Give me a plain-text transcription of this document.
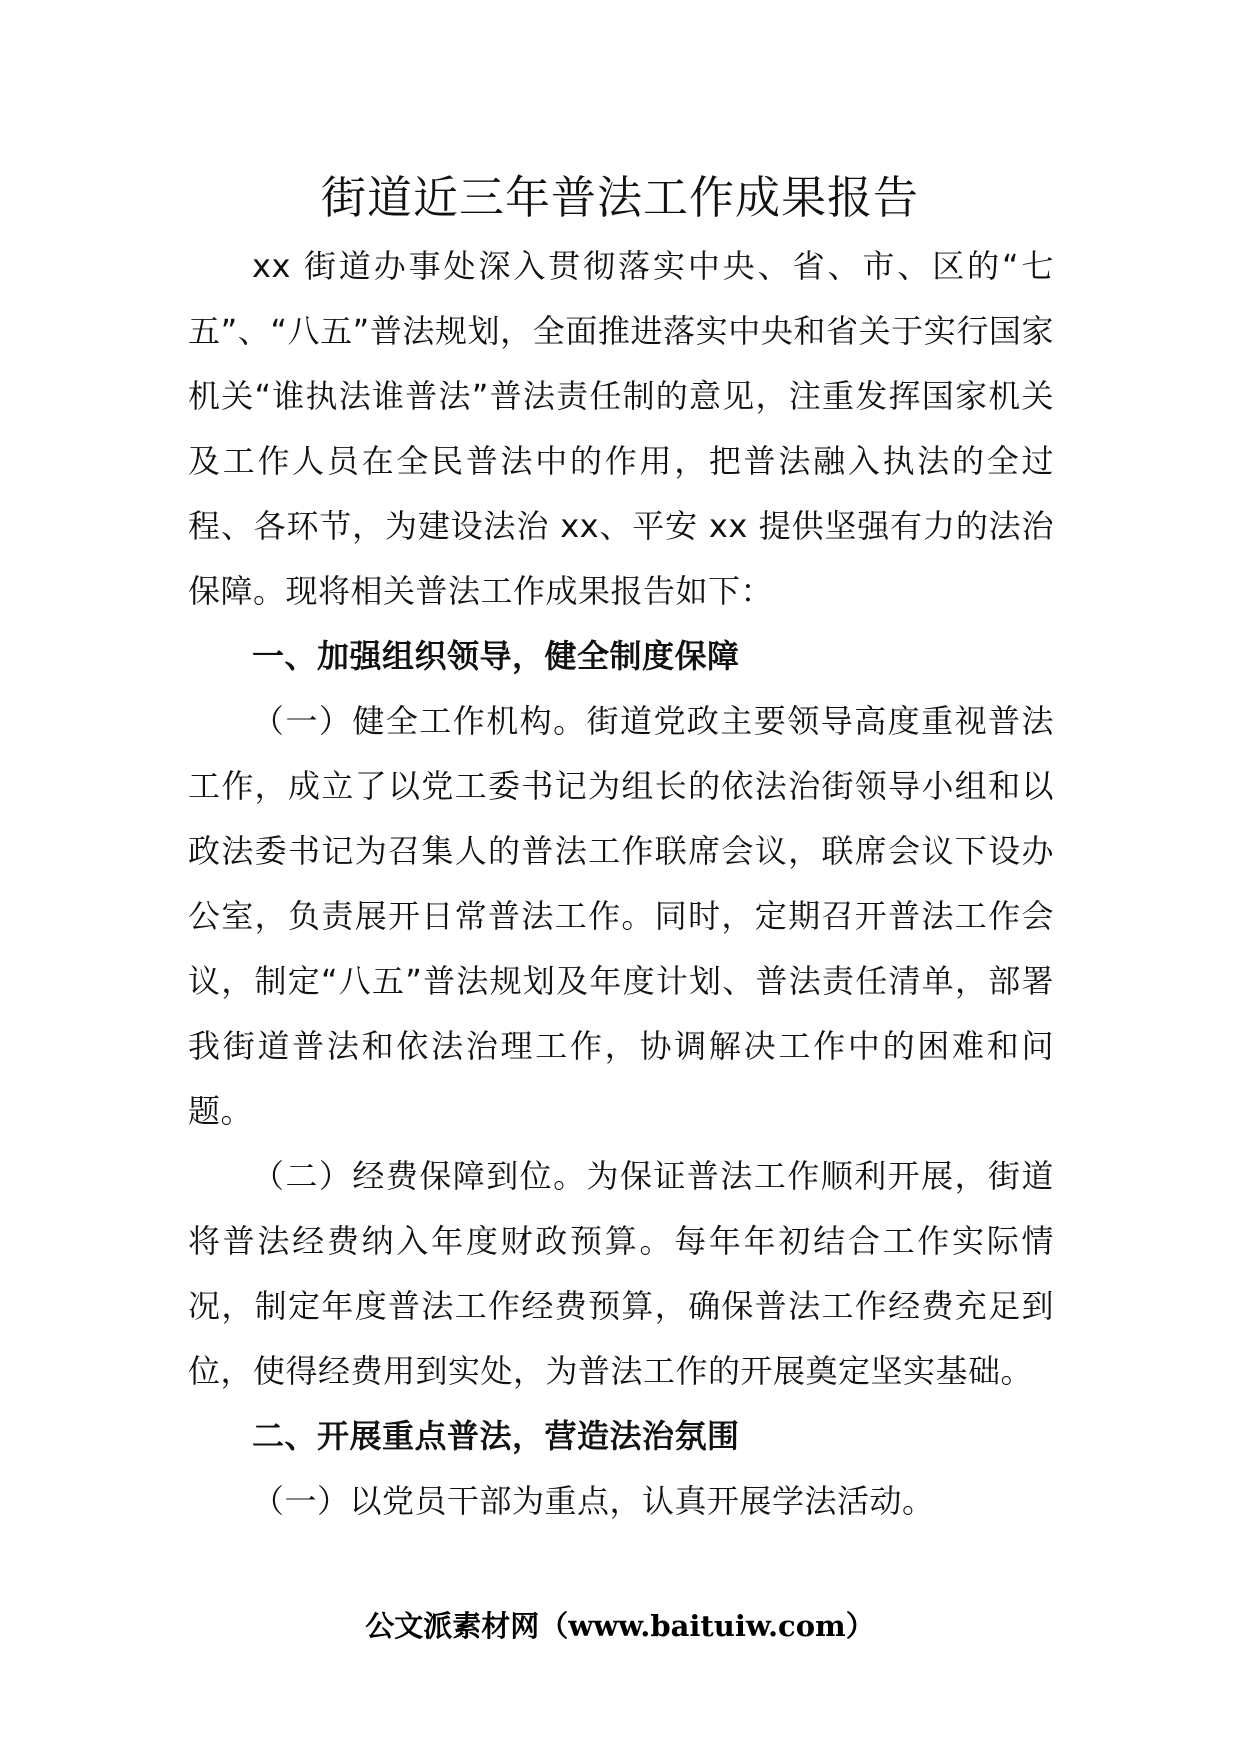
街道近三年普法工作成果报告

xx 街道办事处深入贯彻落实中央、省、市、区的“七五”、“八五”普法规划，全面推进落实中央和省关于实行国家机关“谁执法谁普法”普法责任制的意见，注重发挥国家机关及工作人员在全民普法中的作用，把普法融入执法的全过程、各环节，为建设法治 xx、平安 xx 提供坚强有力的法治保障。现将相关普法工作成果报告如下：

一、加强组织领导，健全制度保障

（一）健全工作机构。街道党政主要领导高度重视普法工作，成立了以党工委书记为组长的依法治街领导小组和以政法委书记为召集人的普法工作联席会议，联席会议下设办公室，负责展开日常普法工作。同时，定期召开普法工作会议，制定“八五”普法规划及年度计划、普法责任清单，部署我街道普法和依法治理工作，协调解决工作中的困难和问题。

（二）经费保障到位。为保证普法工作顺利开展，街道将普法经费纳入年度财政预算。每年年初结合工作实际情况，制定年度普法工作经费预算，确保普法工作经费充足到位，使得经费用到实处，为普法工作的开展奠定坚实基础。

二、开展重点普法，营造法治氛围

（一）以党员干部为重点，认真开展学法活动。

公文派素材网（www.baituiw.com）
